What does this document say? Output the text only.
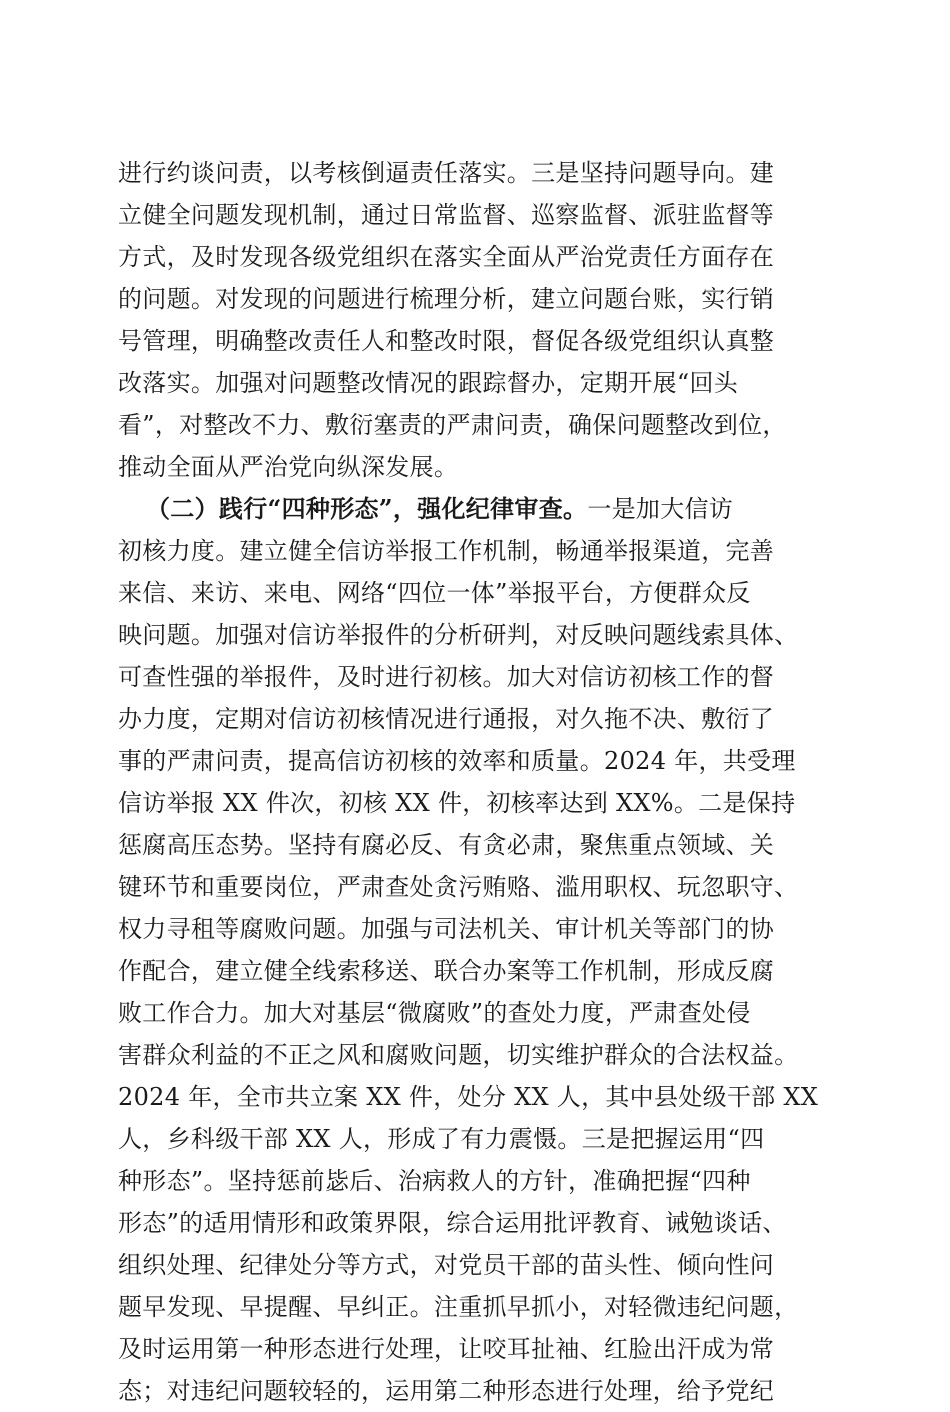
进行约谈问责，以考核倒逼责任落实。三是坚持问题导向。建
立健全问题发现机制，通过日常监督、巡察监督、派驻监督等
方式，及时发现各级党组织在落实全面从严治党责任方面存在
的问题。对发现的问题进行梳理分析，建立问题台账，实行销
号管理，明确整改责任人和整改时限，督促各级党组织认真整
改落实。加强对问题整改情况的跟踪督办，定期开展“回头
看”，对整改不力、敷衍塞责的严肃问责，确保问题整改到位，
推动全面从严治党向纵深发展。
（二）践行“四种形态”，强化纪律审查。一是加大信访
初核力度。建立健全信访举报工作机制，畅通举报渠道，完善
来信、来访、来电、网络“四位一体”举报平台，方便群众反
映问题。加强对信访举报件的分析研判，对反映问题线索具体、
可查性强的举报件，及时进行初核。加大对信访初核工作的督
办力度，定期对信访初核情况进行通报，对久拖不决、敷衍了
事的严肃问责，提高信访初核的效率和质量。2024 年，共受理
信访举报 XX 件次，初核 XX 件，初核率达到 XX%。二是保持
惩腐高压态势。坚持有腐必反、有贪必肃，聚焦重点领域、关
键环节和重要岗位，严肃查处贪污贿赂、滥用职权、玩忽职守、
权力寻租等腐败问题。加强与司法机关、审计机关等部门的协
作配合，建立健全线索移送、联合办案等工作机制，形成反腐
败工作合力。加大对基层“微腐败”的查处力度，严肃查处侵
害群众利益的不正之风和腐败问题，切实维护群众的合法权益。
2024 年，全市共立案 XX 件，处分 XX 人，其中县处级干部 XX
人，乡科级干部 XX 人，形成了有力震慑。三是把握运用“四
种形态”。坚持惩前毖后、治病救人的方针，准确把握“四种
形态”的适用情形和政策界限，综合运用批评教育、诫勉谈话、
组织处理、纪律处分等方式，对党员干部的苗头性、倾向性问
题早发现、早提醒、早纠正。注重抓早抓小，对轻微违纪问题，
及时运用第一种形态进行处理，让咬耳扯袖、红脸出汗成为常
态；对违纪问题较轻的，运用第二种形态进行处理，给予党纪
